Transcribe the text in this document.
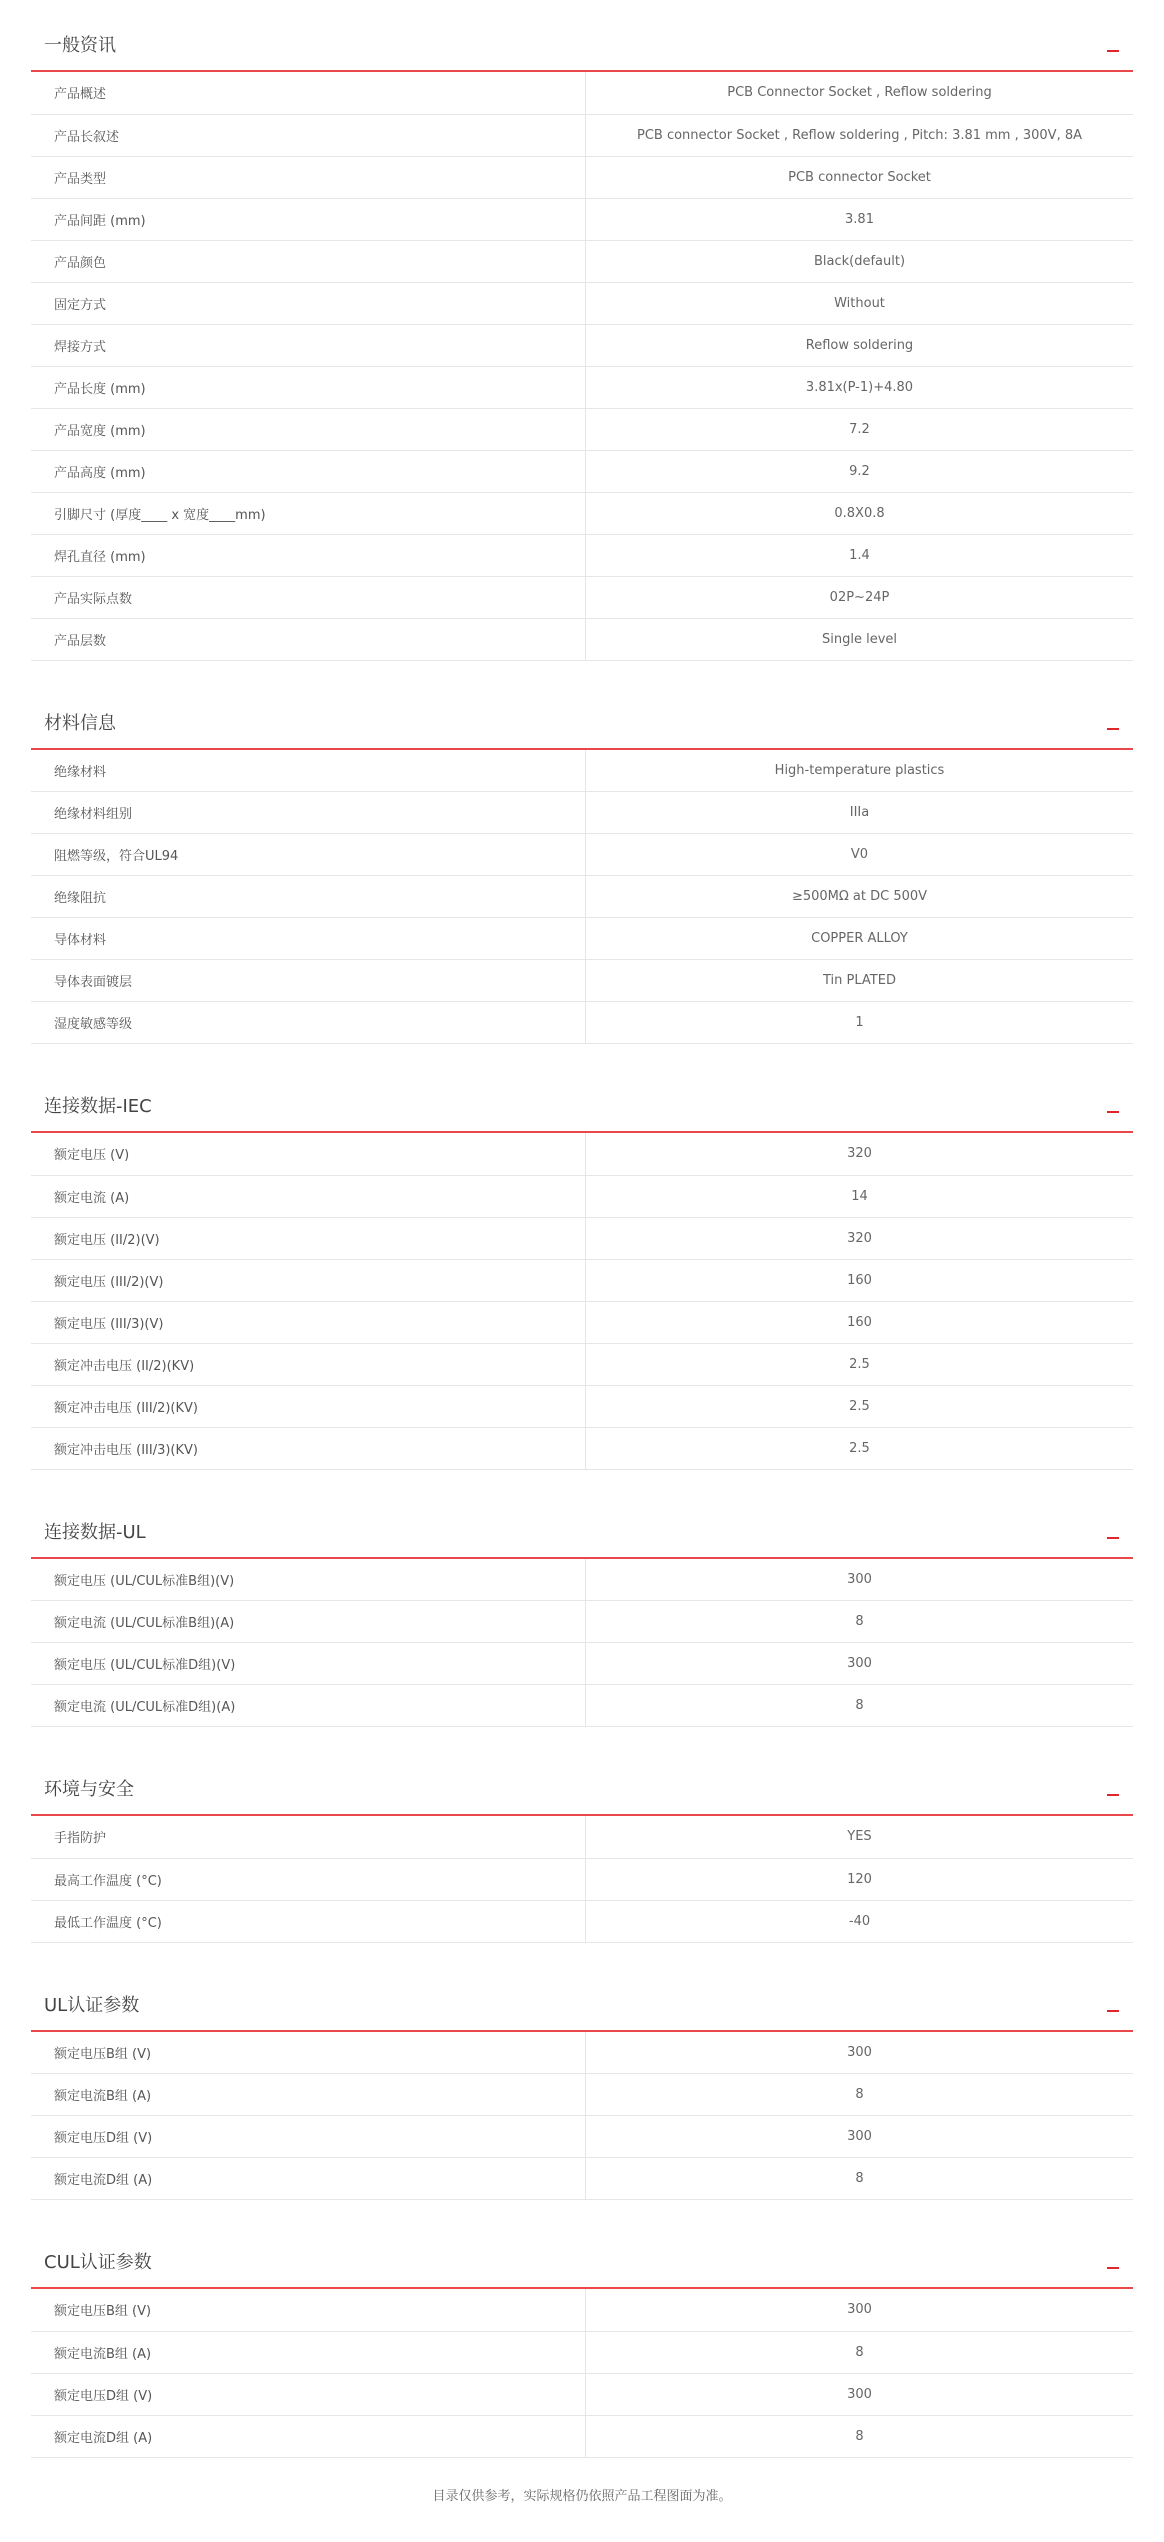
一般资讯
产品概述	PCB Connector Socket , Reflow soldering
产品长叙述	PCB connector Socket , Reflow soldering , Pitch: 3.81 mm , 300V, 8A
产品类型	PCB connector Socket
产品间距 (mm)	3.81
产品颜色	Black(default)
固定方式	Without
焊接方式	Reflow soldering
产品长度 (mm)	3.81x(P-1)+4.80
产品宽度 (mm)	7.2
产品高度 (mm)	9.2
引脚尺寸 (厚度____ x 宽度____mm)	0.8X0.8
焊孔直径 (mm)	1.4
产品实际点数	02P~24P
产品层数	Single level
材料信息
绝缘材料	High-temperature plastics
绝缘材料组别	IIIa
阻燃等级，符合UL94	V0
绝缘阻抗	≥500MΩ at DC 500V
导体材料	COPPER ALLOY
导体表面镀层	Tin PLATED
湿度敏感等级	1
连接数据-IEC
额定电压 (V)	320
额定电流 (A)	14
额定电压 (II/2)(V)	320
额定电压 (III/2)(V)	160
额定电压 (III/3)(V)	160
额定冲击电压 (II/2)(KV)	2.5
额定冲击电压 (III/2)(KV)	2.5
额定冲击电压 (III/3)(KV)	2.5
连接数据-UL
额定电压 (UL/CUL标准B组)(V)	300
额定电流 (UL/CUL标准B组)(A)	8
额定电压 (UL/CUL标准D组)(V)	300
额定电流 (UL/CUL标准D组)(A)	8
环境与安全
手指防护	YES
最高工作温度 (°C)	120
最低工作温度 (°C)	-40
UL认证参数
额定电压B组 (V)	300
额定电流B组 (A)	8
额定电压D组 (V)	300
额定电流D组 (A)	8
CUL认证参数
额定电压B组 (V)	300
额定电流B组 (A)	8
额定电压D组 (V)	300
额定电流D组 (A)	8
目录仅供参考，实际规格仍依照产品工程图面为准。
